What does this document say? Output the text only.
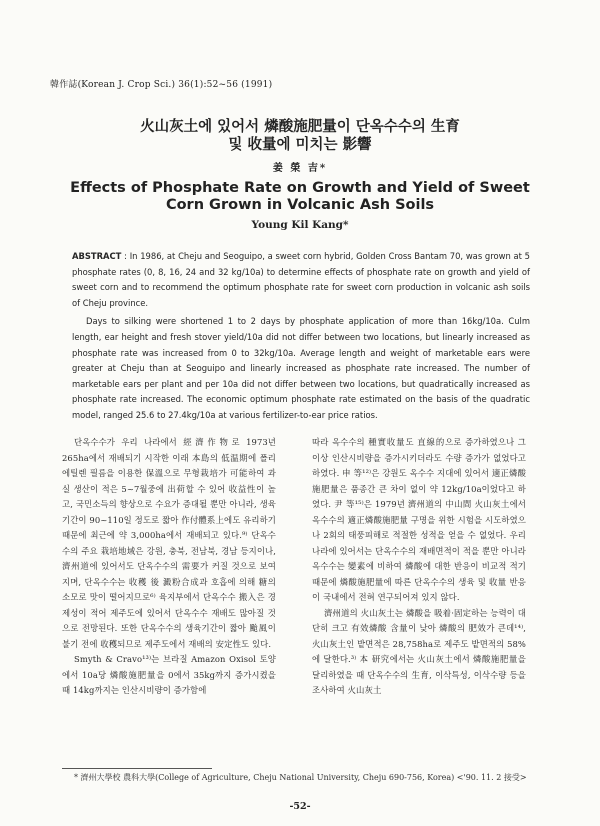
韓作誌(Korean J. Crop Sci.) 36(1):52~56 (1991)
火山灰土에 있어서 燐酸施肥量이 단옥수수의 生育
및 收量에 미치는 影響
姜 榮 吉*
Effects of Phosphate Rate on Growth and Yield of Sweet
Corn Grown in Volcanic Ash Soils
Young Kil Kang*

ABSTRACT : In 1986, at Cheju and Seoguipo, a sweet corn hybrid, Golden Cross Bantam 70, was grown at 5 phosphate rates (0, 8, 16, 24 and 32 kg/10a) to determine effects of phosphate rate on growth and yield of sweet corn and to recommend the optimum phosphate rate for sweet corn production in volcanic ash soils of Cheju province.

Days to silking were shortened 1 to 2 days by phosphate application of more than 16kg/10a. Culm length, ear height and fresh stover yield/10a did not differ between two locations, but linearly increased as phosphate rate was increased from 0 to 32kg/10a. Average length and weight of marketable ears were greater at Cheju than at Seoguipo and linearly increased as phosphate rate increased. The number of marketable ears per plant and per 10a did not differ between two locations, but quadratically increased as phosphate rate increased. The economic optimum phosphate rate estimated on the basis of the quadratic model, ranged 25.6 to 27.4kg/10a at various fertilizer-to-ear price ratios.

단옥수수가 우리 나라에서 經濟作物로 1973년 265ha에서 재배되기 시작한 이래 本島의 低温期에 폴리에틸렌 필름을 이용한 保溫으로 무형栽培가 可能하여 과실 생산이 적은 5~7월중에 出荷할 수 있어 收益性이 높고, 국민소득의 향상으로 수요가 증대될 뿐만 아니라, 생육기간이 90~110일 정도로 짧아 作付體系上에도 유리하기 때문에 최근에 약 3,000ha에서 재배되고 있다.⁹⁾ 단옥수수의 주요 栽培地域은 강원, 충북, 전남북, 경남 등지이나, 濟州道에 있어서도 단옥수수의 需要가 커질 것으로 보여지며, 단옥수수는 收穫 後 澱粉合成과 호흡에 의해 糖의 소모로 맛이 떨어지므로⁶⁾ 육지부에서 단옥수수 搬入은 경제성이 적어 제주도에 있어서 단옥수수 재배도 많아질 것으로 전망된다. 또한 단옥수수의 생육기간이 짧아 颱風이 불기 전에 收穫되므로 제주도에서 재배의 安定性도 있다.

Smyth & Cravo¹³⁾는 브라질 Amazon Oxisol 토양에서 10a당 燐酸施肥量을 0에서 35kg까지 증가시켰을 때 14kg까지는 인산시비량이 증가함에

따라 옥수수의 種實收量도 直線的으로 증가하였으나 그 이상 인산시비량을 증가시키더라도 수량 증가가 없었다고 하였다. 申 等¹²⁾은 강원도 옥수수 지대에 있어서 適正燐酸施肥量은 품종간 큰 차이 없이 약 12kg/10a이었다고 하였다. 尹 等¹⁵⁾은 1979년 濟州道의 中山間 火山灰土에서 옥수수의 適正燐酸施肥量 구명을 위한 시험을 시도하였으나 2회의 태풍피해로 적절한 성적을 얻을 수 없었다. 우리 나라에 있어서는 단옥수수의 재배면적이 적을 뿐만 아니라 옥수수는 變素에 비하여 燐酸에 대한 반응이 비교적 적기 때문에 燐酸施肥量에 따른 단옥수수의 생육 및 收量 반응이 국내에서 전혀 연구되어져 있지 않다.

濟州道의 火山灰土는 燐酸을 吸着·固定하는 능력이 대단히 크고 有效燐酸 含量이 낮아 燐酸의 肥效가 큰데¹⁴⁾, 火山灰土인 밭면적은 28,758ha로 제주도 밭면적의 58%에 달한다.³⁾ 本 研究에서는 火山灰土에서 燐酸施肥量을 달리하였을 때 단옥수수의 生育, 이삭특성, 이삭수량 등을 조사하여 火山灰土

* 濟州大學校 農科大學(College of Agriculture, Cheju National University, Cheju 690-756, Korea) <'90. 11. 2 接受>
-52-
